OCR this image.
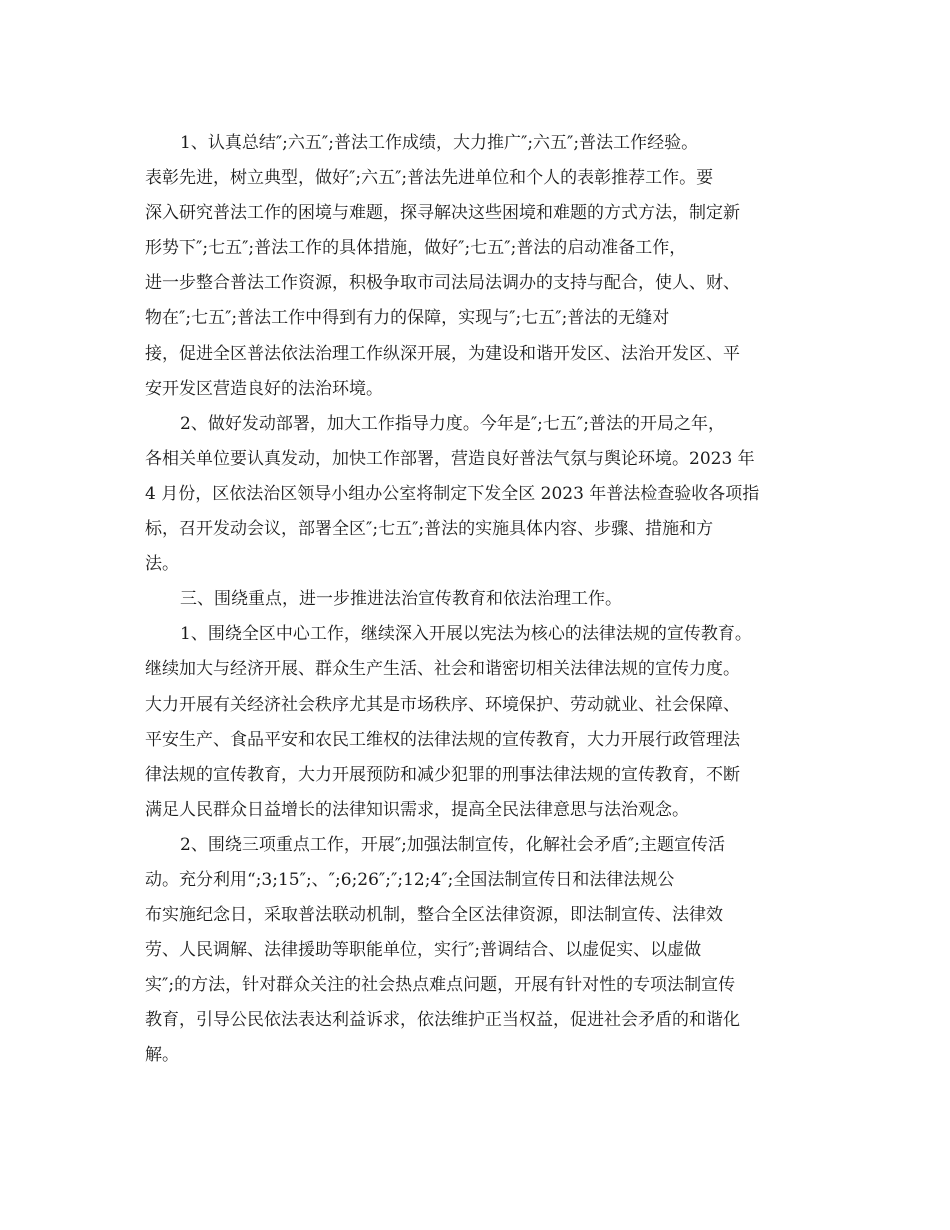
1、认真总结″;六五″;普法工作成绩，大力推广″;六五″;普法工作经验。
表彰先进，树立典型，做好″;六五″;普法先进单位和个人的表彰推荐工作。要
深入研究普法工作的困境与难题，探寻解决这些困境和难题的方式方法，制定新
形势下″;七五″;普法工作的具体措施，做好″;七五″;普法的启动准备工作，
进一步整合普法工作资源，积极争取市司法局法调办的支持与配合，使人、财、
物在″;七五″;普法工作中得到有力的保障，实现与″;七五″;普法的无缝对
接，促进全区普法依法治理工作纵深开展，为建设和谐开发区、法治开发区、平
安开发区营造良好的法治环境。
2、做好发动部署，加大工作指导力度。今年是″;七五″;普法的开局之年，
各相关单位要认真发动，加快工作部署，营造良好普法气氛与舆论环境。2023 年
4 月份，区依法治区领导小组办公室将制定下发全区 2023 年普法检查验收各项指
标，召开发动会议，部署全区″;七五″;普法的实施具体内容、步骤、措施和方
法。
三、围绕重点，进一步推进法治宣传教育和依法治理工作。
1、围绕全区中心工作，继续深入开展以宪法为核心的法律法规的宣传教育。
继续加大与经济开展、群众生产生活、社会和谐密切相关法律法规的宣传力度。
大力开展有关经济社会秩序尤其是市场秩序、环境保护、劳动就业、社会保障、
平安生产、食品平安和农民工维权的法律法规的宣传教育，大力开展行政管理法
律法规的宣传教育，大力开展预防和减少犯罪的刑事法律法规的宣传教育，不断
满足人民群众日益增长的法律知识需求，提高全民法律意思与法治观念。
2、围绕三项重点工作，开展″;加强法制宣传，化解社会矛盾″;主题宣传活
动。充分利用“;3;15″;、″;6;26″;″;12;4″;全国法制宣传日和法律法规公
布实施纪念日，采取普法联动机制，整合全区法律资源，即法制宣传、法律效
劳、人民调解、法律援助等职能单位，实行″;普调结合、以虚促实、以虚做
实″;的方法，针对群众关注的社会热点难点问题，开展有针对性的专项法制宣传
教育，引导公民依法表达利益诉求，依法维护正当权益，促进社会矛盾的和谐化
解。
